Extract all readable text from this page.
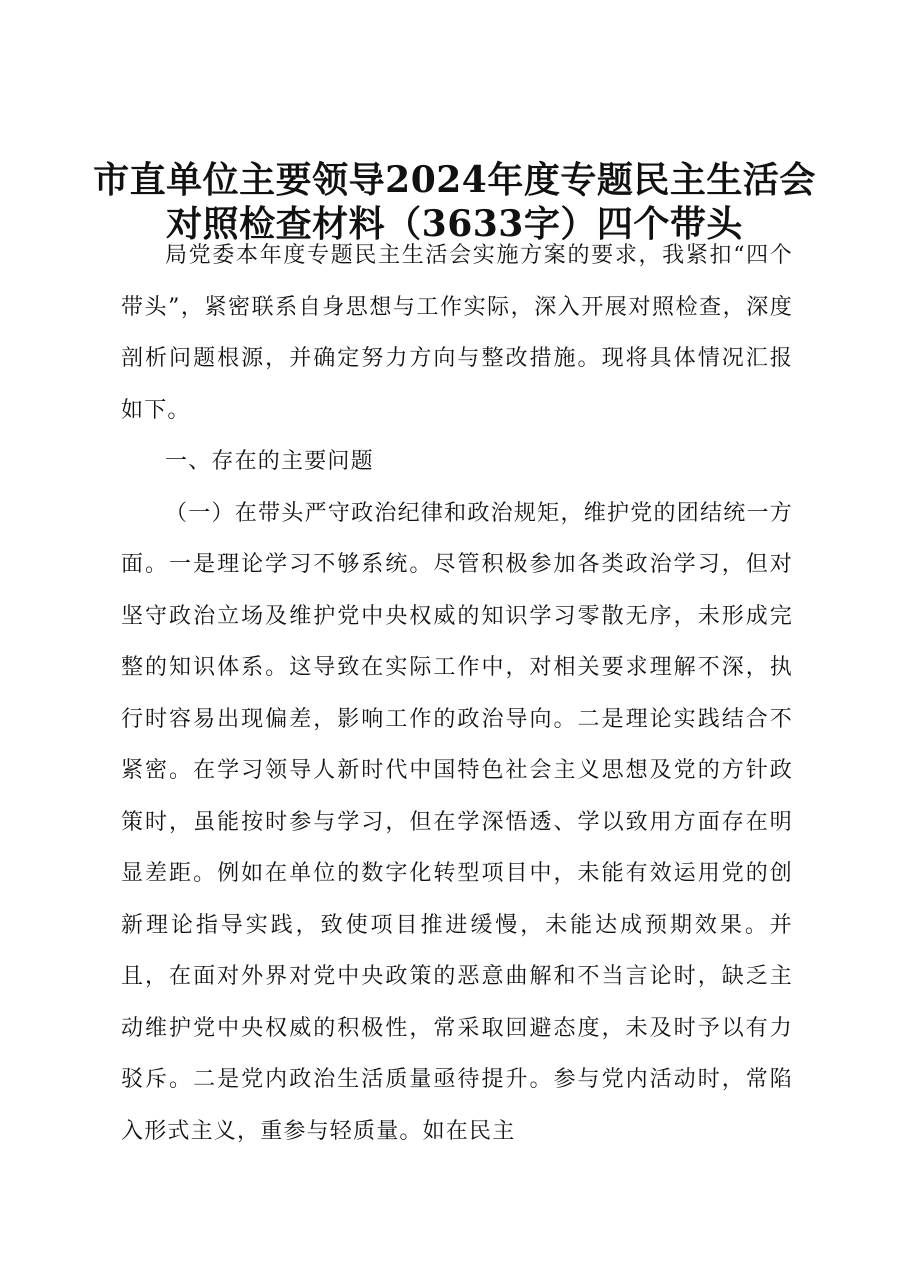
市直单位主要领导2024年度专题民主生活会
对照检查材料（3633字）四个带头

局党委本年度专题民主生活会实施方案的要求，我紧扣“四个带头”，紧密联系自身思想与工作实际，深入开展对照检查，深度剖析问题根源，并确定努力方向与整改措施。现将具体情况汇报如下。

一、存在的主要问题

（一）在带头严守政治纪律和政治规矩，维护党的团结统一方面。一是理论学习不够系统。尽管积极参加各类政治学习，但对坚守政治立场及维护党中央权威的知识学习零散无序，未形成完整的知识体系。这导致在实际工作中，对相关要求理解不深，执行时容易出现偏差，影响工作的政治导向。二是理论实践结合不紧密。在学习领导人新时代中国特色社会主义思想及党的方针政策时，虽能按时参与学习，但在学深悟透、学以致用方面存在明显差距。例如在单位的数字化转型项目中，未能有效运用党的创新理论指导实践，致使项目推进缓慢，未能达成预期效果。并且，在面对外界对党中央政策的恶意曲解和不当言论时，缺乏主动维护党中央权威的积极性，常采取回避态度，未及时予以有力驳斥。二是党内政治生活质量亟待提升。参与党内活动时，常陷入形式主义，重参与轻质量。如在民主
